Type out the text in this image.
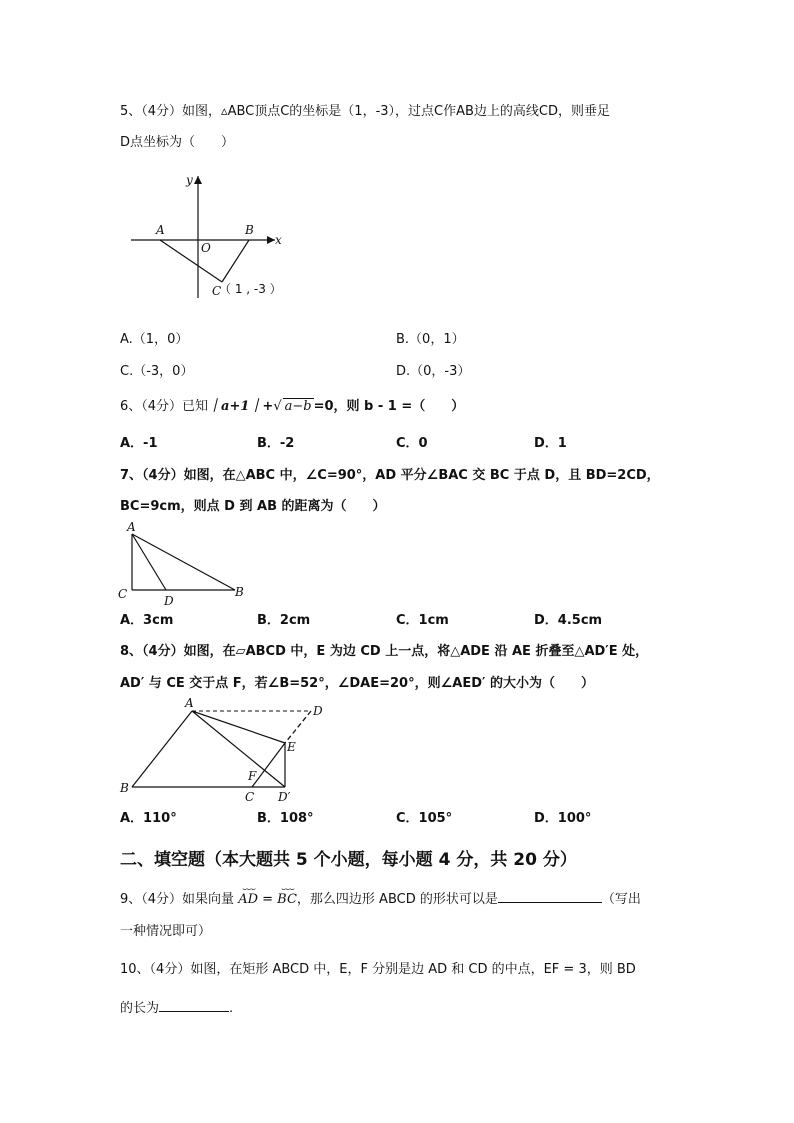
5、（4分）如图，▵ABC顶点C的坐标是（1，-3），过点C作AB边上的高线CD，则垂足
D点坐标为（　　）
y
x
A	B
O
C
（ 1 , -3 ）
A.（1，0）	B.（0，1）
C.（-3，0）	D.（0，-3）
6、（4分）已知｜a+1｜+√ a−b =0，则 b - 1 =（　　）
A．-1	B．-2	C．0	D．1
7、（4分）如图，在△ABC 中，∠C=90°，AD 平分∠BAC 交 BC 于点 D，且 BD=2CD，
BC=9cm，则点 D 到 AB 的距离为（　　）
A
C	D
B
A．3cm	B．2cm	C．1cm	D．4.5cm
8、（4分）如图，在▱ABCD 中，E 为边 CD 上一点，将△ADE 沿 AE 折叠至△AD′E 处，
AD′ 与 CE 交于点 F，若∠B=52°，∠DAE=20°，则∠AED′ 的大小为（　　）
A
D
E
F
B
C D′
A．110°	B．108°	C．105°	D．100°
二、填空题（本大题共 5 个小题，每小题 4 分，共 20 分）
9、（4分）如果向量
⌣⌣⌣
AD =
⌣⌣⌣
BC，那么四边形 ABCD 的形状可以是	（写出
一种情况即可）
10、（4分）如图，在矩形 ABCD 中，E，F 分别是边 AD 和 CD 的中点，EF = 3，则 BD
的长为	.
